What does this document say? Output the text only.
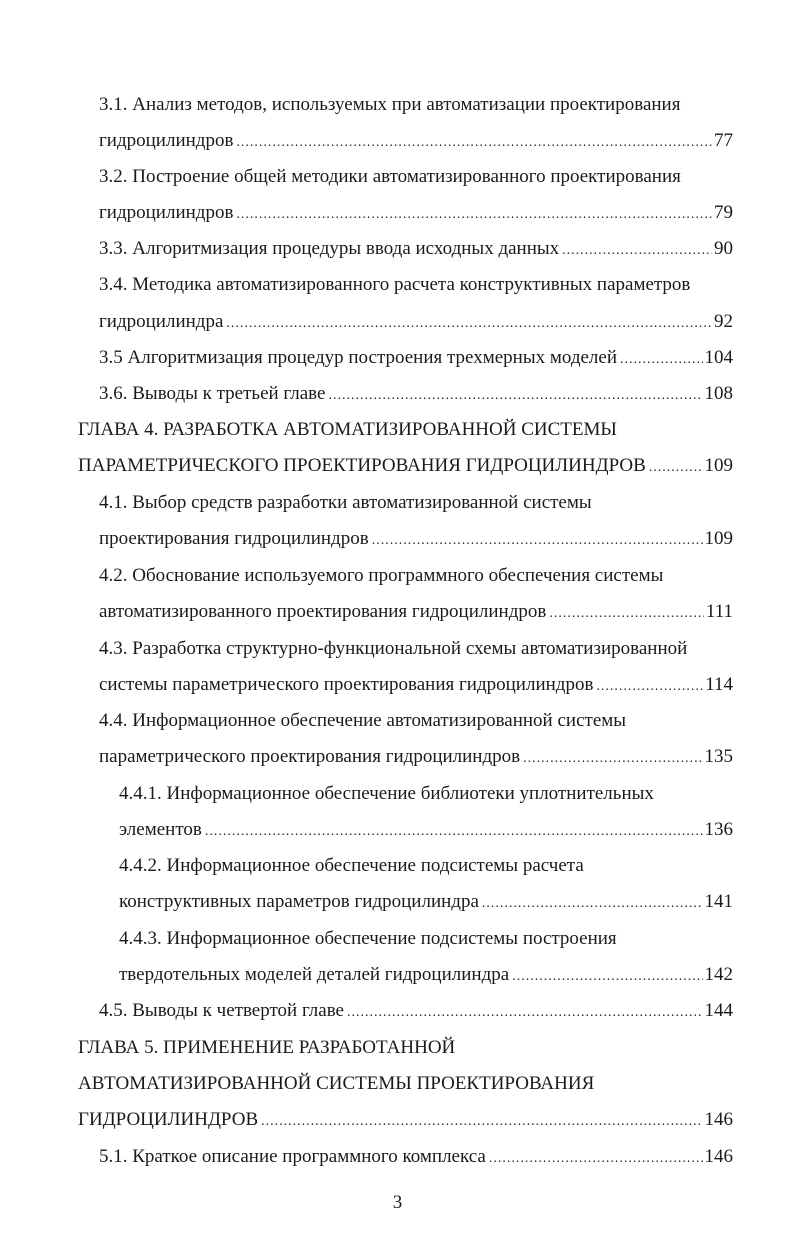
3.1. Анализ методов, используемых при автоматизации проектирования
гидроцилиндров .....	77
3.2. Построение общей методики автоматизированного проектирования
гидроцилиндров .....	79
3.3. Алгоритмизация процедуры ввода исходных данных .....	90
3.4. Методика автоматизированного расчета конструктивных параметров
гидроцилиндра .....	92
3.5 Алгоритмизация процедур построения трехмерных моделей .....	104
3.6. Выводы к третьей главе .....	108
ГЛАВА 4. РАЗРАБОТКА АВТОМАТИЗИРОВАННОЙ СИСТЕМЫ
ПАРАМЕТРИЧЕСКОГО ПРОЕКТИРОВАНИЯ ГИДРОЦИЛИНДРОВ .....	109
4.1. Выбор средств разработки автоматизированной системы
проектирования гидроцилиндров .....	109
4.2. Обоснование используемого программного обеспечения системы
автоматизированного проектирования гидроцилиндров .....	111
4.3. Разработка структурно-функциональной схемы автоматизированной
системы параметрического проектирования гидроцилиндров .....	114
4.4. Информационное обеспечение автоматизированной системы
параметрического проектирования гидроцилиндров .....	135
4.4.1. Информационное обеспечение библиотеки уплотнительных
элементов .....	136
4.4.2. Информационное обеспечение подсистемы расчета
конструктивных параметров гидроцилиндра .....	141
4.4.3. Информационное обеспечение подсистемы построения
твердотельных моделей деталей гидроцилиндра .....	142
4.5. Выводы к четвертой главе .....	144
ГЛАВА 5. ПРИМЕНЕНИЕ РАЗРАБОТАННОЙ
АВТОМАТИЗИРОВАННОЙ СИСТЕМЫ ПРОЕКТИРОВАНИЯ
ГИДРОЦИЛИНДРОВ .....	146
5.1. Краткое описание программного комплекса .....	146
3
